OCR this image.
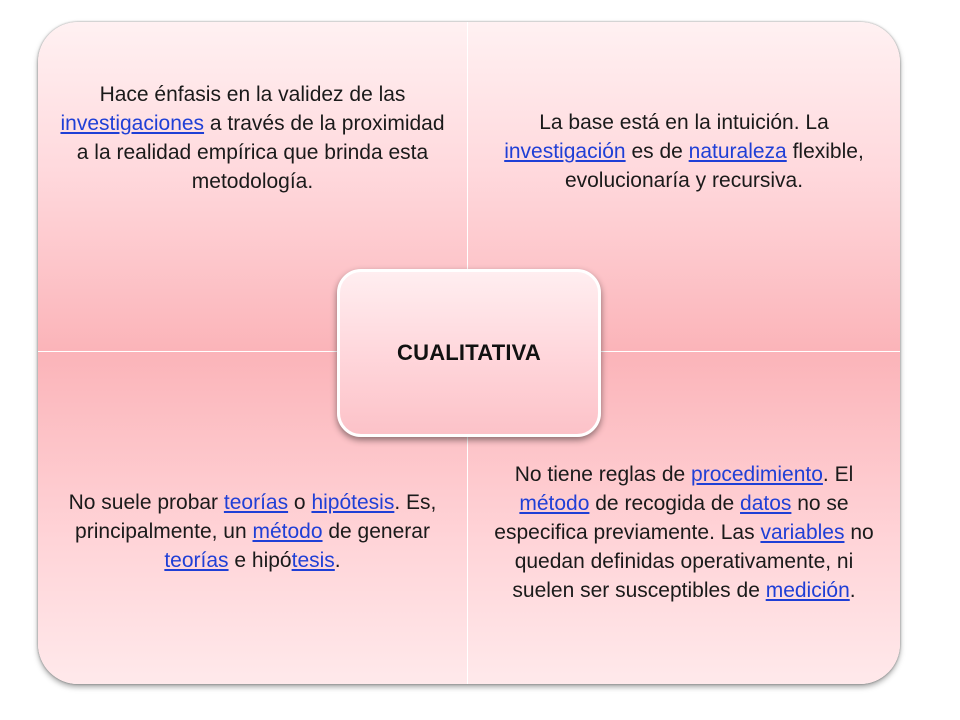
Hace énfasis en la validez de las investigaciones a través de la proximidad a la realidad empírica que brinda esta metodología.
La base está en la intuición. La investigación es de naturaleza flexible, evolucionaría y recursiva.
No suele probar teorías o hipótesis. Es, principalmente, un método de generar teorías e hipótesis.
No tiene reglas de procedimiento. El método de recogida de datos no se especifica previamente. Las variables no quedan definidas operativamente, ni suelen ser susceptibles de medición.
CUALITATIVA
